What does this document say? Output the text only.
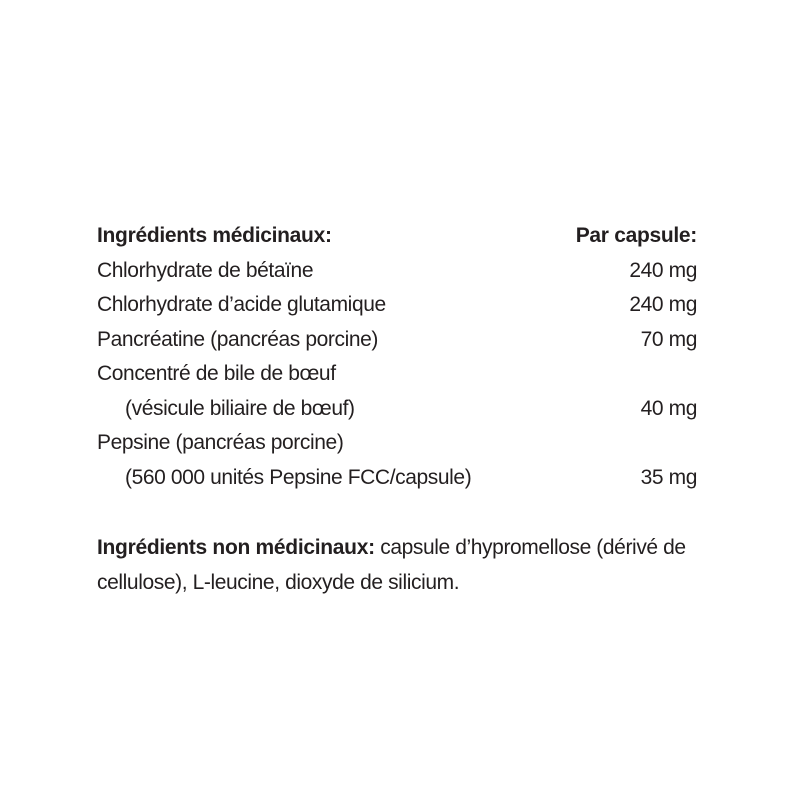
Ingrédients médicinaux:	Par capsule:
Chlorhydrate de bétaïne	240 mg
Chlorhydrate d’acide glutamique	240 mg
Pancréatine (pancréas porcine)	70 mg
Concentré de bile de bœuf
(vésicule biliaire de bœuf)	40 mg
Pepsine (pancréas porcine)
(560 000 unités Pepsine FCC/capsule)	35 mg
Ingrédients non médicinaux: capsule d’hypromellose (dérivé de cellulose), L-leucine, dioxyde de silicium.
